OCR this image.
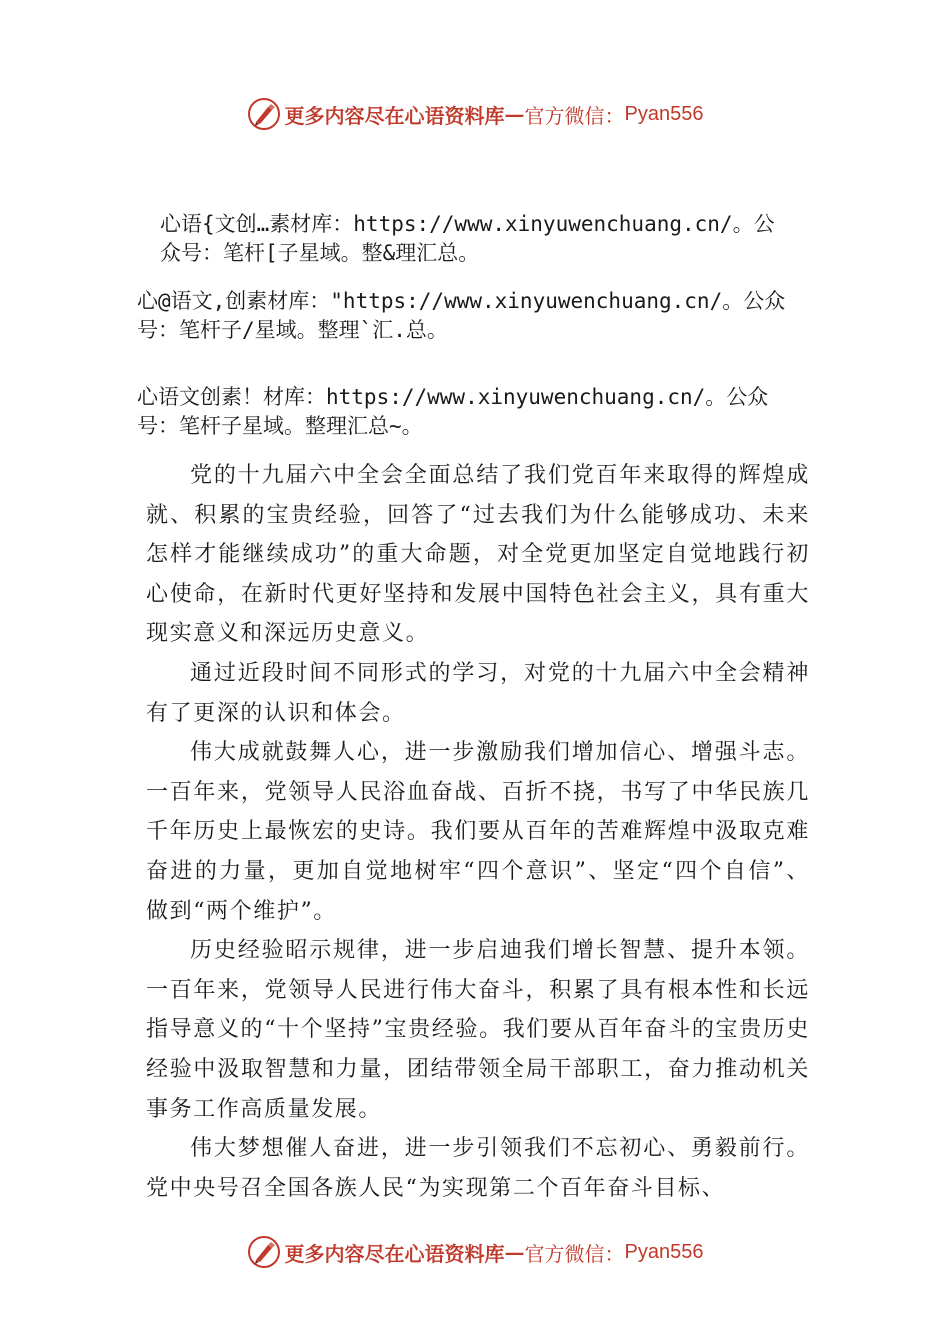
更多内容尽在心语资料库 — 官方微信： Pyan556
心语{文创…素材库：https://www.xinyuwenchuang.cn/。公
众号：笔杆[子星域。整&理汇总。
心@语文,创素材库："https://www.xinyuwenchuang.cn/。公众
号：笔杆子/星域。整理`汇.总。
心语文创素！材库：https://www.xinyuwenchuang.cn/。公众
号：笔杆子星域。整理汇总~。

党的十九届六中全会全面总结了我们党百年来取得的辉煌成就、积累的宝贵经验，回答了“过去我们为什么能够成功、未来怎样才能继续成功”的重大命题，对全党更加坚定自觉地践行初心使命，在新时代更好坚持和发展中国特色社会主义，具有重大现实意义和深远历史意义。

通过近段时间不同形式的学习，对党的十九届六中全会精神有了更深的认识和体会。

伟大成就鼓舞人心，进一步激励我们增加信心、增强斗志。一百年来，党领导人民浴血奋战、百折不挠，书写了中华民族几千年历史上最恢宏的史诗。我们要从百年的苦难辉煌中汲取克难奋进的力量，更加自觉地树牢“四个意识”、坚定“四个自信”、做到“两个维护”。

历史经验昭示规律，进一步启迪我们增长智慧、提升本领。一百年来，党领导人民进行伟大奋斗，积累了具有根本性和长远指导意义的“十个坚持”宝贵经验。我们要从百年奋斗的宝贵历史经验中汲取智慧和力量，团结带领全局干部职工，奋力推动机关事务工作高质量发展。

伟大梦想催人奋进，进一步引领我们不忘初心、勇毅前行。党中央号召全国各族人民“为实现第二个百年奋斗目标、

更多内容尽在心语资料库 — 官方微信： Pyan556
